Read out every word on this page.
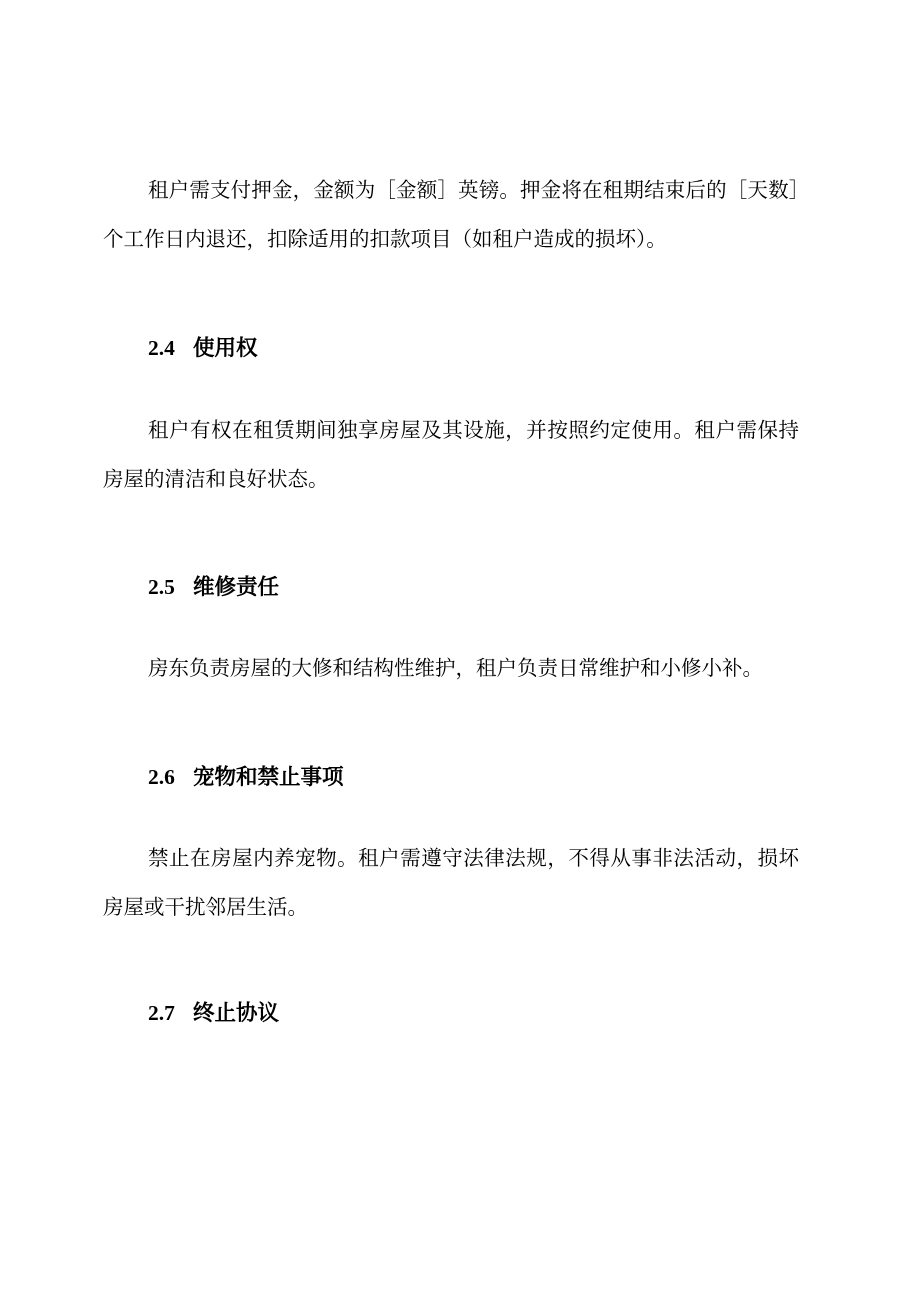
租户需支付押金，金额为［金额］英镑。押金将在租期结束后的［天数］个工作日内退还，扣除适用的扣款项目（如租户造成的损坏）。

2.4 使用权

租户有权在租赁期间独享房屋及其设施，并按照约定使用。租户需保持房屋的清洁和良好状态。

2.5 维修责任

房东负责房屋的大修和结构性维护，租户负责日常维护和小修小补。

2.6 宠物和禁止事项

禁止在房屋内养宠物。租户需遵守法律法规，不得从事非法活动，损坏房屋或干扰邻居生活。

2.7 终止协议
